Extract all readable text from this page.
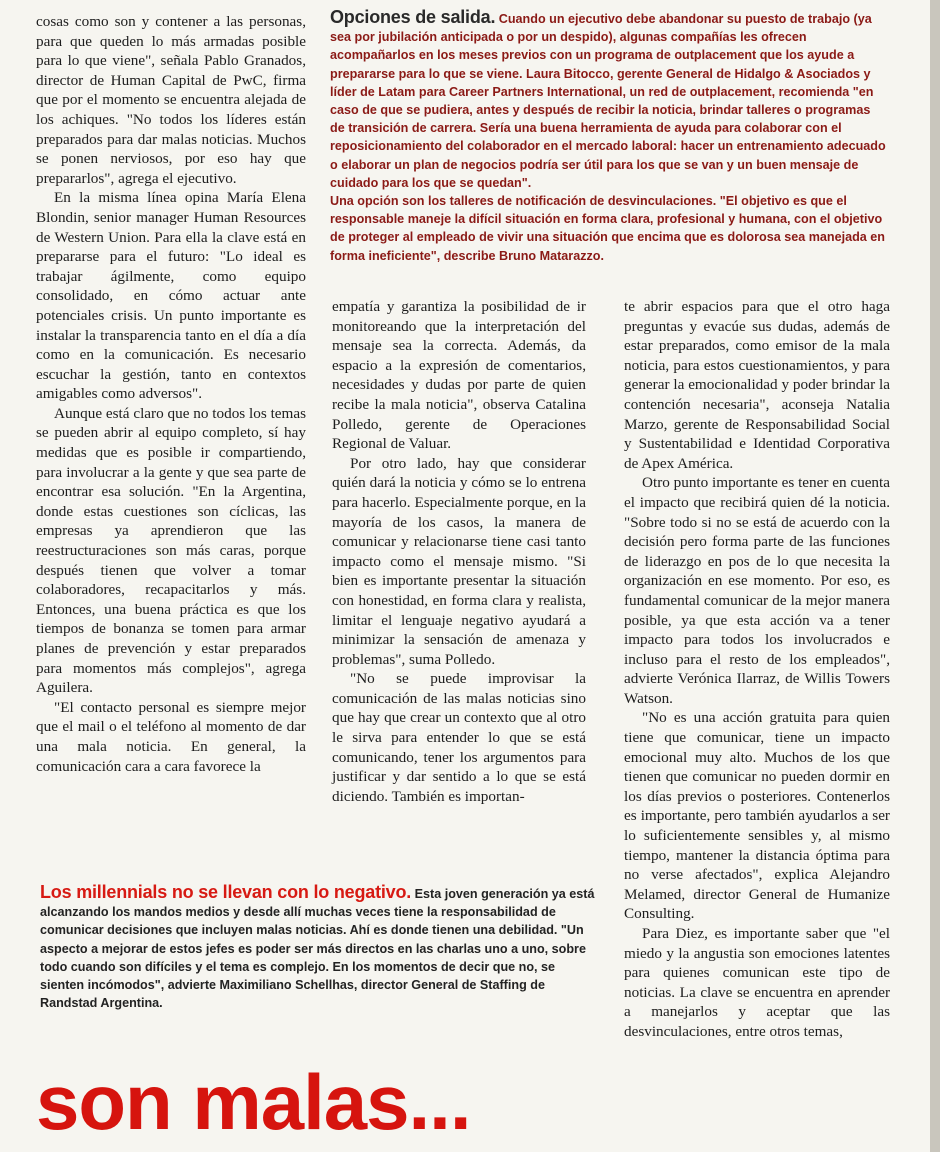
cosas como son y contener a las personas, para que queden lo más armadas posible para lo que viene", señala Pablo Granados, director de Human Capital de PwC, firma que por el momento se encuentra alejada de los achiques. "No todos los líderes están preparados para dar malas noticias. Muchos se ponen nerviosos, por eso hay que prepararlos", agrega el ejecutivo.

En la misma línea opina María Elena Blondin, senior manager Human Resources de Western Union. Para ella la clave está en prepararse para el futuro: "Lo ideal es trabajar ágilmente, como equipo consolidado, en cómo actuar ante potenciales crisis. Un punto importante es instalar la transparencia tanto en el día a día como en la comunicación. Es necesario escuchar la gestión, tanto en contextos amigables como adversos".

Aunque está claro que no todos los temas se pueden abrir al equipo completo, sí hay medidas que es posible ir compartiendo, para involucrar a la gente y que sea parte de encontrar esa solución. "En la Argentina, donde estas cuestiones son cíclicas, las empresas ya aprendieron que las reestructuraciones son más caras, porque después tienen que volver a tomar colaboradores, recapacitarlos y más. Entonces, una buena práctica es que los tiempos de bonanza se tomen para armar planes de prevención y estar preparados para momentos más complejos", agrega Aguilera.

"El contacto personal es siempre mejor que el mail o el teléfono al momento de dar una mala noticia. En general, la comunicación cara a cara favorece la

Opciones de salida. Cuando un ejecutivo debe abandonar su puesto de trabajo (ya sea por jubilación anticipada o por un despido), algunas compañías les ofrecen acompañarlos en los meses previos con un programa de outplacement que los ayude a prepararse para lo que se viene. Laura Bitocco, gerente General de Hidalgo & Asociados y líder de Latam para Career Partners International, un red de outplacement, recomienda "en caso de que se pudiera, antes y después de recibir la noticia, brindar talleres o programas de transición de carrera. Sería una buena herramienta de ayuda para colaborar con el reposicionamiento del colaborador en el mercado laboral: hacer un entrenamiento adecuado o elaborar un plan de negocios podría ser útil para los que se van y un buen mensaje de cuidado para los que se quedan".

Una opción son los talleres de notificación de desvinculaciones. "El objetivo es que el responsable maneje la difícil situación en forma clara, profesional y humana, con el objetivo de proteger al empleado de vivir una situación que encima que es dolorosa sea manejada en forma ineficiente", describe Bruno Matarazzo.

empatía y garantiza la posibilidad de ir monitoreando que la interpretación del mensaje sea la correcta. Además, da espacio a la expresión de comentarios, necesidades y dudas por parte de quien recibe la mala noticia", observa Catalina Polledo, gerente de Operaciones Regional de Valuar.

Por otro lado, hay que considerar quién dará la noticia y cómo se lo entrena para hacerlo. Especialmente porque, en la mayoría de los casos, la manera de comunicar y relacionarse tiene casi tanto impacto como el mensaje mismo. "Si bien es importante presentar la situación con honestidad, en forma clara y realista, limitar el lenguaje negativo ayudará a minimizar la sensación de amenaza y problemas", suma Polledo.

"No se puede improvisar la comunicación de las malas noticias sino que hay que crear un contexto que al otro le sirva para entender lo que se está comunicando, tener los argumentos para justificar y dar sentido a lo que se está diciendo. También es importan-

te abrir espacios para que el otro haga preguntas y evacúe sus dudas, además de estar preparados, como emisor de la mala noticia, para estos cuestionamientos, y para generar la emocionalidad y poder brindar la contención necesaria", aconseja Natalia Marzo, gerente de Responsabilidad Social y Sustentabilidad e Identidad Corporativa de Apex América.

Otro punto importante es tener en cuenta el impacto que recibirá quien dé la noticia. "Sobre todo si no se está de acuerdo con la decisión pero forma parte de las funciones de liderazgo en pos de lo que necesita la organización en ese momento. Por eso, es fundamental comunicar de la mejor manera posible, ya que esta acción va a tener impacto para todos los involucrados e incluso para el resto de los empleados", advierte Verónica Ilarraz, de Willis Towers Watson.

"No es una acción gratuita para quien tiene que comunicar, tiene un impacto emocional muy alto. Muchos de los que tienen que comunicar no pueden dormir en los días previos o posteriores. Contenerlos es importante, pero también ayudarlos a ser lo suficientemente sensibles y, al mismo tiempo, mantener la distancia óptima para no verse afectados", explica Alejandro Melamed, director General de Humanize Consulting.

Para Diez, es importante saber que "el miedo y la angustia son emociones latentes para quienes comunican este tipo de noticias. La clave se encuentra en aprender a manejarlos y aceptar que las desvinculaciones, entre otros temas,

Los millennials no se llevan con lo negativo. Esta joven generación ya está alcanzando los mandos medios y desde allí muchas veces tiene la responsabilidad de comunicar decisiones que incluyen malas noticias. Ahí es donde tienen una debilidad. "Un aspecto a mejorar de estos jefes es poder ser más directos en las charlas uno a uno, sobre todo cuando son difíciles y el tema es complejo. En los momentos de decir que no, se sienten incómodos", advierte Maximiliano Schellhas, director General de Staffing de Randstad Argentina.

son malas...
